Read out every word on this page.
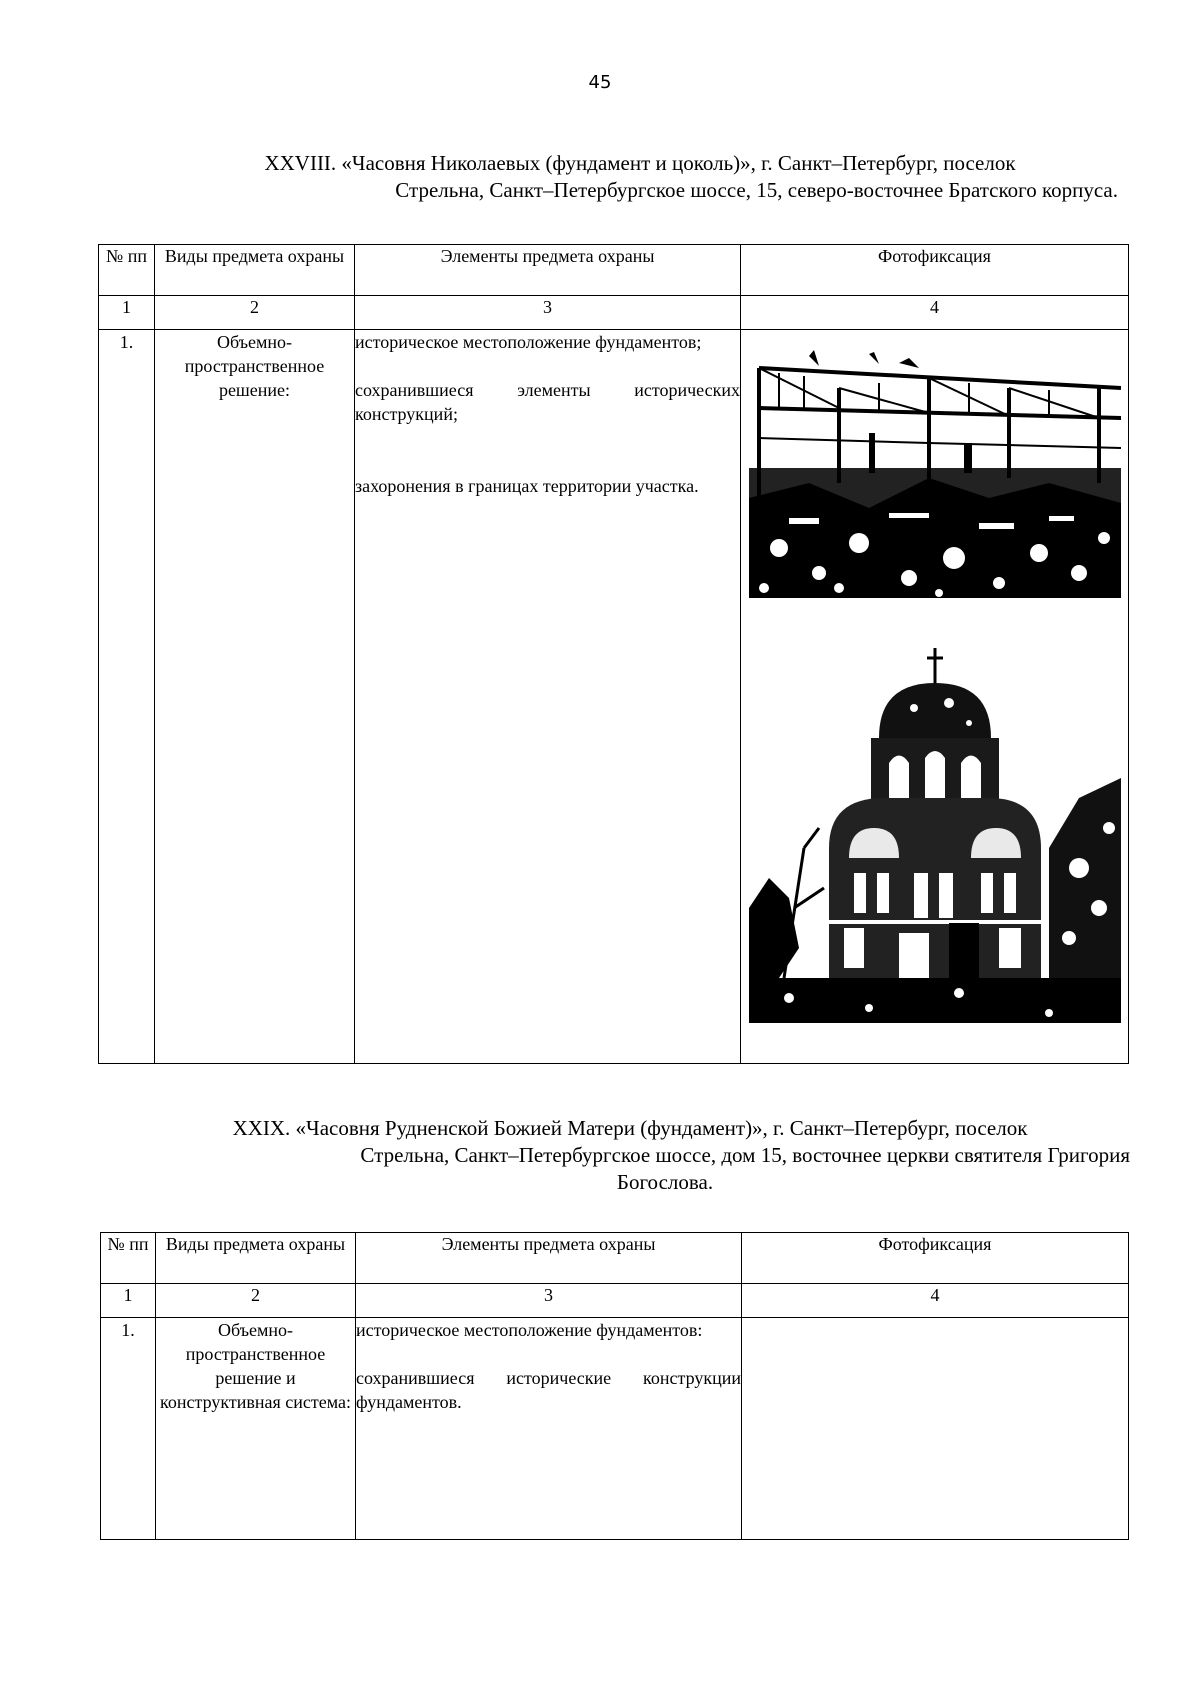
45
XXVIII. «Часовня Николаевых (фундамент и цоколь)», г. Санкт–Петербург, поселок
Стрельна, Санкт–Петербургское шоссе, 15, северо-восточнее Братского корпуса.
№ пп	Виды предмета охраны	Элементы предмета охраны	Фотофиксация
1	2	3	4
1.	Объемно-пространственное решение:	историческое местоположение фундаментов;

сохранившиеся элементы исторических конструкций;

захоронения в границах территории участка.

XXIX. «Часовня Рудненской Божией Матери (фундамент)», г. Санкт–Петербург, поселок
Стрельна, Санкт–Петербургское шоссе, дом 15, восточнее церкви святителя Григория
Богослова.
№ пп	Виды предмета охраны	Элементы предмета охраны	Фотофиксация
1	2	3	4
1.	Объемно-пространственное решение и конструктивная система:	историческое местоположение фундаментов:

сохранившиеся исторические конструкции фундаментов.	
